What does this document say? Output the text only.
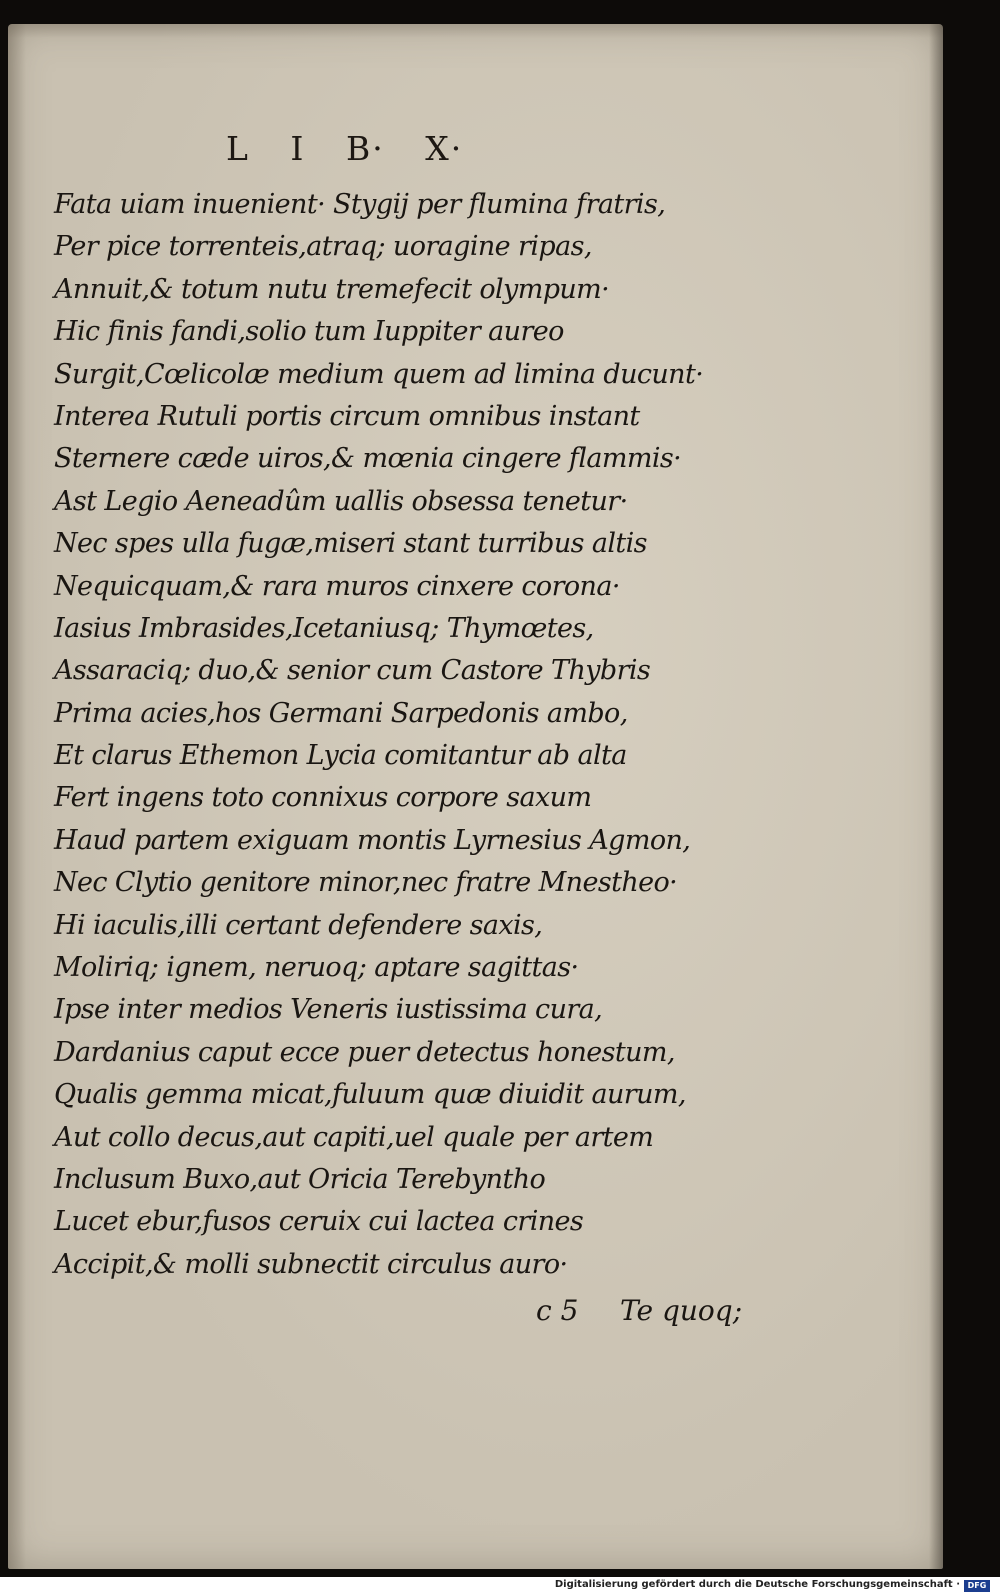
L I B· X·
Fata uiam inuenient· Stygij per flumina fratris,
Per pice torrenteis,atraq; uoragine ripas,
Annuit,& totum nutu tremefecit olympum·
Hic finis fandi,solio tum Iuppiter aureo
Surgit,Cœlicolæ medium quem ad limina ducunt·
Interea Rutuli portis circum omnibus instant
Sternere cæde uiros,& mœnia cingere flammis·
Ast Legio Aeneadûm uallis obsessa tenetur·
Nec spes ulla fugæ,miseri stant turribus altis
Nequicquam,& rara muros cinxere corona·
Iasius Imbrasides,Icetaniusq; Thymœtes,
Assaraciq; duo,& senior cum Castore Thybris
Prima acies,hos Germani Sarpedonis ambo,
Et clarus Ethemon Lycia comitantur ab alta
Fert ingens toto connixus corpore saxum
Haud partem exiguam montis Lyrnesius Agmon,
Nec Clytio genitore minor,nec fratre Mnestheo·
Hi iaculis,illi certant defendere saxis,
Moliriq; ignem, neruoq; aptare sagittas·
Ipse inter medios Veneris iustissima cura,
Dardanius caput ecce puer detectus honestum,
Qualis gemma micat,fuluum quæ diuidit aurum,
Aut collo decus,aut capiti,uel quale per artem
Inclusum Buxo,aut Oricia Terebyntho
Lucet ebur,fusos ceruix cui lactea crines
Accipit,& molli subnectit circulus auro·
c 5 Te quoq;
Digitalisierung gefördert durch die Deutsche Forschungsgemeinschaft · DFG
